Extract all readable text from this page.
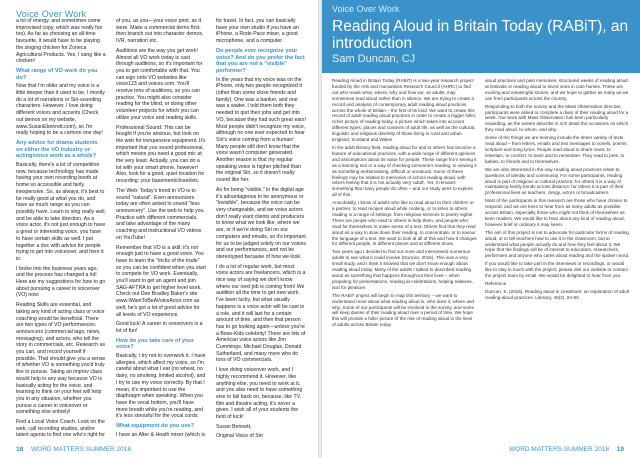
Voice Over Work

a lot of energy, and sometimes some improvised copy, which was really fun too). As far as choosing an all-time favourite, it would have to be playing the singing chicken for Zoneca Agricultural Products. Yes, I sang like a chicken!

What range of VO work do you do?

Now that I'm older and my voice is a little deeper than it used to be, I mostly do a lot of narrations or Siri-sounding characters. However, I love doing different voices and accents (Check out demos on my website, www.SusanEbenrett.com), so I'm really hoping to be a cartoon one day!

Any advice for drama students on either the VO industry or acting/voice work as a whole?

Basically, there's a lot of competition now, because technology has made having your own recording booth at home so accessible and fairly inexpensive. So, as always, it's best to be really good at what you do, and have as much range as you can possibly have. Learn to sing really well, and be able to take direction. As a voice actor, it's not just enough to have a great or interesting voice, you have to have certain skills as well. I put together a doc with advice for people trying to get into voiceover, and here it is:

I broke into the business years ago, and the process has changed a lot! Here are my suggestions for how to go about pursuing a career in voiceover (VO) now:

Reading Skills are essential, and taking any kind of acting class or voice coaching would be beneficial. There are two types of VO performances: announcers (commercial tags, news, messaging), and actors, who tell the story in commercials, etc. Research as you can, and record yourself if possible. That should give you a sense of whether VO is something you'd truly like to pursue. Taking an improv class would help in any way because VO is basically acting for the voice, and learning to think on your feet will help you in any situation, whether you pursue a career in voiceover or something else entirely!

Find a Local Voice Coach. Look on the web, call recording studios, and/or talent agents to find one who's right for

of you, as you—your voice print, as it were. Make a commercial demo first, then branch out into character demos, IVR, narration etc.

Auditions are the way you get work! Almost all VO work today is cast through auditions, so it's important for you to get comfortable with that. You can sign onto VO websites like voice123 and voices.com. You'll receive tons of auditions, so you can practice. You might also consider reading for the blind, or doing other volunteer projects for which you can utilize your voice and reading skills.

Professional Sound: This can be bought if you're anxious, but look on the web for inexpensive equipment. It's important that you sound professional, which means you need a good mic at the very least. Actually, you can do a lot with your smart phone, however! Also, look for a good, quiet location for recording: your basement/closet/etc.

The Web: Today's trend in VO is to sound "natural". Even announcers today are often asked to sound "less announcery". Use the web to help you. Practice with different commercials, and take advantage of the many coaching and instructional VO videos on YouTube!

Remember that VO is a skill; it's not enough just to have a good voice. You have to learn the "tricks of the trade" so you can be confident when you start to compete for VO work. Eventually, you'll want to get an agent and join SAG-AFTRA to get higher level work. Check out Dee Bradley Baker's site www.IWantToBeAVoiceActor.com as well; he's got a lot of good advice for all levels of VO experience.

Good luck! A career in voiceovers is a lot of fun!

How do you take care of your voice?

Basically, I try not to overwork it. I have allergies, which affect my voice, so I'm careful about what I eat (no wheat, no dairy, no smoking, limited alcohol), and I try to use my voice correctly. By that I mean, it's important to use the diaphragm when speaking. When you have the vocal bottom, you'll have more breath while you're reading, and it's less stressful for the vocal cords.

What equipment do you use?

I have an Alter & Heath mixer (which is

for travel. In fact, you can basically have your own studio if you have an iPhone, a Rode Pace mixer, a good microphone, and a computer.

Do people ever recognize your voice? And do you prefer the fact that you are not a "visible" performer?

In the years that my voice was on the iPhone, only two people recognized it (other than some close friends and family). One was a banker, and one was a waiter. I told them both they needed to quit their jobs and get into VO, because they had such great ears! Most people didn't recognize my voice, although no one ever expected to hear Siri's voice coming from a human! Many people still don't know that the voice wasn't computer generated. Another reason is that my regular speaking voice is higher pitched than the original Siri, so it doesn't really sound like her.

As for being "visible," in the digital age it's advantageous to be anonymous or "invisible", because the voice can be very changeable, and we voice actors don't really want clients and producers to know what we look like, where we are, or if we're doing Siri on our computers and emails, so it's important for us to be judged solely on our voices and our performances, and not be stereotyped because of how we look.

I do a lot of regular work, but most voice actors are freelancers, which is a nice way of saying we don't know where our next job is coming from! We audition all the time to get new work. I've been lucky, but what usually happens is a voice actor will be cast in a role, and it will last for a certain amount of time, and then that person has to go looking again—unless you're a Bose-Kids celebrity! There are lots of American voice actors like Jim Cummings, Michael Douglas, Donald Sutherland, and many more who do tons of VO commercials.

I love doing voiceover work, and I highly recommend it. However, like anything else, you need to work at it, and you also need to have something else to fall back on, because, like TV, film and theatre acting, it's never a given. I wish all of your students the best of luck!

Susan Bennett,

Original Voice of Siri

18 WORD MATTERS SUMMER 2018
Voice Over Work
Reading Aloud in Britain Today (RABiT), an introduction
Sam Duncan, CJ

Reading Aloud in Britain Today (RABiT) is a two-year research project funded by the Arts and Humanities Research Council (AHRC) to find out who reads what, where, why and how we, as adults, may sometimes read aloud rather than in silence. We are trying to create a record and analysis of contemporary adult reading aloud practices across the whole of Britain – the first of its kind. We want to create this record of adult reading aloud practices in order to create a bigger fuller, richer picture of reading today, a picture which takes into account different types, places and contexts of adult life, as well as the cultural, linguistic and religious diversity of those living in rural and urban England, Scotland and Wales.

In the adult literacy field, reading aloud for and to others has become a feature of educational practices, with a wide range of different opinions and assumptions about its value for people. These range from seeing it as a learning tool or a way of checking someone's reading, to viewing it as something embarrassing, difficult or unnatural. Some of these feelings may be related to memories of school reading aloud, with others feeling that it is not actually very 'adult'. Yet, it remains something that many people do often – and our study aims to explore all of this.

Anecdotally, I know of adults who like to read aloud to their children or a partner, to read recipes aloud while cooking, or to listen to others reading in a range of settings, from religious services to poetry nights. There are people who read to others to help them, and people who read for themselves to make sense of a text. Others find that they read aloud as a way to slow down their reading, to concentrate, or to savour the language of a text. We want to look at all of this and how it changes for different people, in different places and at different times.

Two years ago I decided to find out more and interviewed numerous adults to see what it could involve (Duncan, 2015). This was a very small study, and I think it showed that we don't know enough about reading aloud today. Many of the adults I talked to described reading aloud as something that happens throughout their lives – when preparing for presentations, reading at celebrations, helping relatives, and for pleasure.

The RABiT project will begin to map this territory – we want to understand more about what reading aloud is, who does it, where and why. Some of our participants will be involved in the survey, and some will keep diaries of their reading aloud over a period of time. We hope this will provide a fuller picture of the role of reading aloud in the lives of adults across Britain today.

aloud practices and past memories, structured weeks of reading aloud at festivals or reading aloud to loved ones in care homes. These are exciting and meaningful stories, and we hope to gather as many as we can from participants across the country.

Responding to both the survey and the Mass Observation directive, participants were asked to complete a diary of their reading aloud for a week. Our work with Mass Observation has been particularly rewarding, as the writers describe in rich detail the occasions on which they read aloud, to whom, and why.

Some of the things we are learning include the sheer variety of texts read aloud – from letters, emails and text messages to novels, poems, scripture and song lyrics. People read aloud to share news, to entertain, to comfort, to learn and to remember. They read to pets, to babies, to friends and to themselves.

We are also interested in the way reading aloud practices relate to questions of identity and community. For some participants, reading aloud is part of religious or cultural practice; for others it is a way of maintaining family bonds across distance; for others it is part of their professional lives as teachers, clergy, actors or broadcasters.

Most of the participants in this research are those who have chosen to respond, and we are keen to hear from as many adults as possible across Britain, especially those who might not think of themselves as keen readers. We would like to hear about any kind of reading aloud, however brief or ordinary it may seem.

The aim of this project is not to advocate for particular forms of reading aloud, or to tell teachers how to use it in the classroom, but to understand what people actually do and how they feel about it. We hope that the findings will be of interest to educators, researchers, performers and anyone who cares about reading and the spoken word.

If you would like to take part in the interviews or recordings, or would like to stay in touch with the project, please visit our website or contact the project team by email. We would be delighted to hear from you.

Reference

Duncan, S. (2015). Reading aloud in Lewisham: an exploration of adult reading-aloud practices. Literacy, 49(2), 84-90.

WORD MATTERS SUMMER 2018 19
